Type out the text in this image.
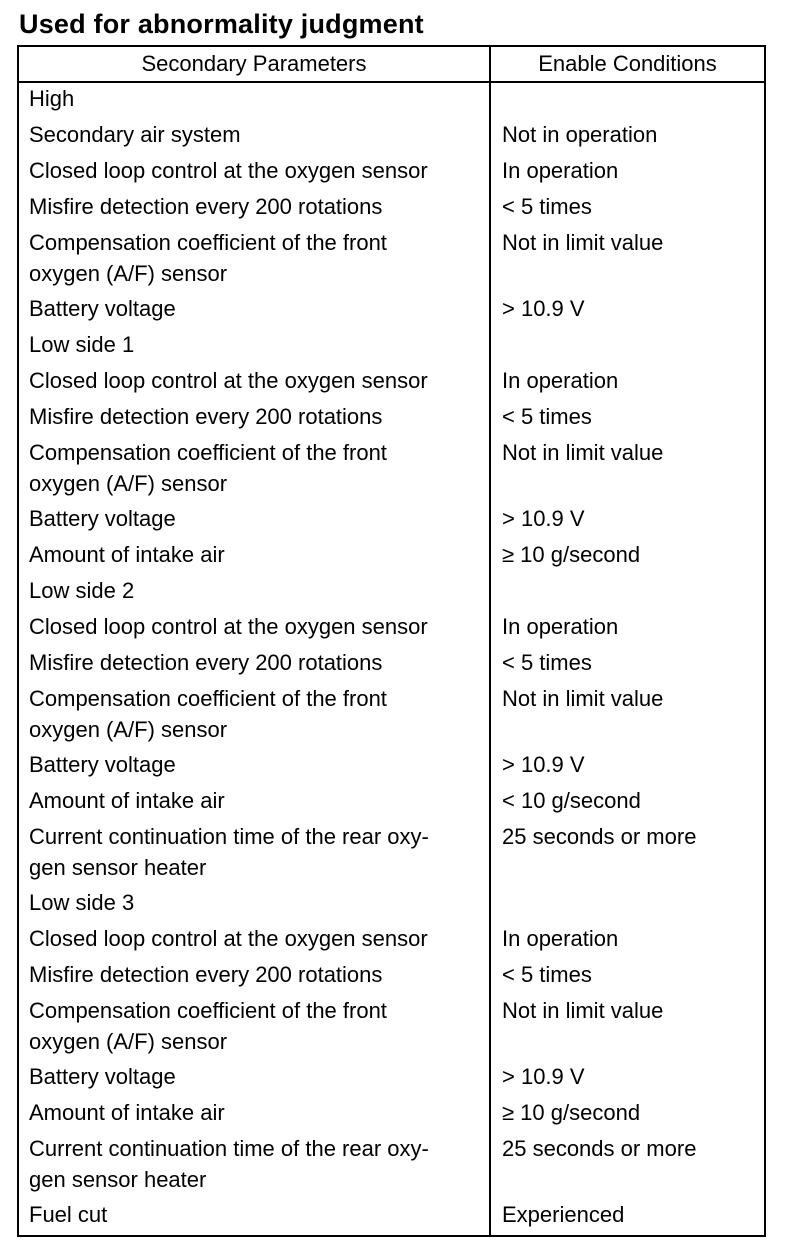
Used for abnormality judgment
Secondary Parameters	Enable Conditions
High	
Secondary air system	Not in operation
Closed loop control at the oxygen sensor	In operation
Misfire detection every 200 rotations	< 5 times

Compensation coefficient of the front
oxygen (A/F) sensor	Not in limit value
Battery voltage	> 10.9 V
Low side 1	
Closed loop control at the oxygen sensor	In operation
Misfire detection every 200 rotations	< 5 times

Compensation coefficient of the front
oxygen (A/F) sensor	Not in limit value
Battery voltage	> 10.9 V
Amount of intake air	≥ 10 g/second
Low side 2	
Closed loop control at the oxygen sensor	In operation
Misfire detection every 200 rotations	< 5 times

Compensation coefficient of the front
oxygen (A/F) sensor	Not in limit value
Battery voltage	> 10.9 V
Amount of intake air	< 10 g/second

Current continuation time of the rear oxy-
gen sensor heater	25 seconds or more
Low side 3	
Closed loop control at the oxygen sensor	In operation
Misfire detection every 200 rotations	< 5 times

Compensation coefficient of the front
oxygen (A/F) sensor	Not in limit value
Battery voltage	> 10.9 V
Amount of intake air	≥ 10 g/second

Current continuation time of the rear oxy-
gen sensor heater	25 seconds or more
Fuel cut	Experienced
